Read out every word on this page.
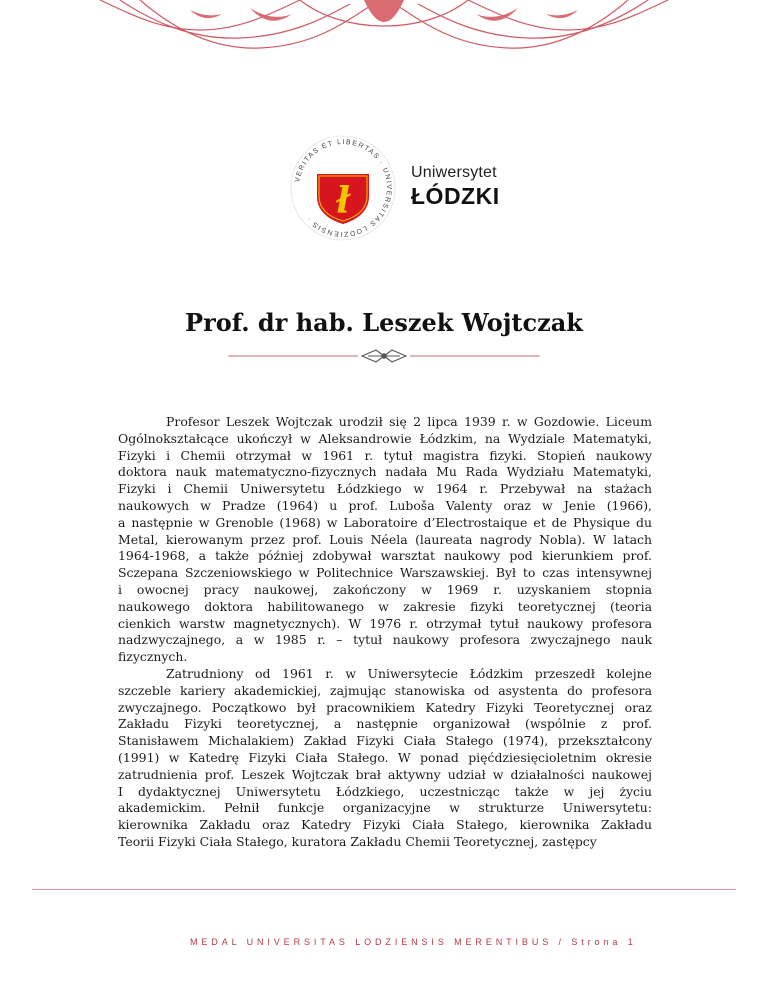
VERITAS ET LIBERTAS · UNIVERSITAS LODZIENSIS · ł
Uniwersytet
ŁÓDZKI
Prof. dr hab. Leszek Wojtczak
Profesor Leszek Wojtczak urodził się 2 lipca 1939 r. w Gozdowie. Liceum
Ogólnokształcące ukończył w Aleksandrowie Łódzkim, na Wydziale Matematyki,
Fizyki i Chemii otrzymał w 1961 r. tytuł magistra fizyki. Stopień naukowy
doktora nauk matematyczno-fizycznych nadała Mu Rada Wydziału Matematyki,
Fizyki i Chemii Uniwersytetu Łódzkiego w 1964 r. Przebywał na stażach
naukowych w Pradze (1964) u prof. Luboša Valenty oraz w Jenie (1966),
a następnie w Grenoble (1968) w Laboratoire d’Electrostaique et de Physique du
Metal, kierowanym przez prof. Louis Néela (laureata nagrody Nobla). W latach
1964-1968, a także później zdobywał warsztat naukowy pod kierunkiem prof.
Sczepana Szczeniowskiego w Politechnice Warszawskiej. Był to czas intensywnej
i owocnej pracy naukowej, zakończony w 1969 r. uzyskaniem stopnia
naukowego doktora habilitowanego w zakresie fizyki teoretycznej (teoria
cienkich warstw magnetycznych). W 1976 r. otrzymał tytuł naukowy profesora
nadzwyczajnego, a w 1985 r. – tytuł naukowy profesora zwyczajnego nauk
fizycznych.
Zatrudniony od 1961 r. w Uniwersytecie Łódzkim przeszedł kolejne
szczeble kariery akademickiej, zajmując stanowiska od asystenta do profesora
zwyczajnego. Początkowo był pracownikiem Katedry Fizyki Teoretycznej oraz
Zakładu Fizyki teoretycznej, a następnie organizował (wspólnie z prof.
Stanisławem Michalakiem) Zakład Fizyki Ciała Stałego (1974), przekształcony
(1991) w Katedrę Fizyki Ciała Stałego. W ponad pięćdziesięcioletnim okresie
zatrudnienia prof. Leszek Wojtczak brał aktywny udział w działalności naukowej
I dydaktycznej Uniwersytetu Łódzkiego, uczestnicząc także w jej życiu
akademickim. Pełnił funkcje organizacyjne w strukturze Uniwersytetu:
kierownika Zakładu oraz Katedry Fizyki Ciała Stałego, kierownika Zakładu
Teorii Fizyki Ciała Stałego, kuratora Zakładu Chemii Teoretycznej, zastępcy
MEDAL UNIVERSITAS LODZIENSIS MERENTIBUS / Strona 1
